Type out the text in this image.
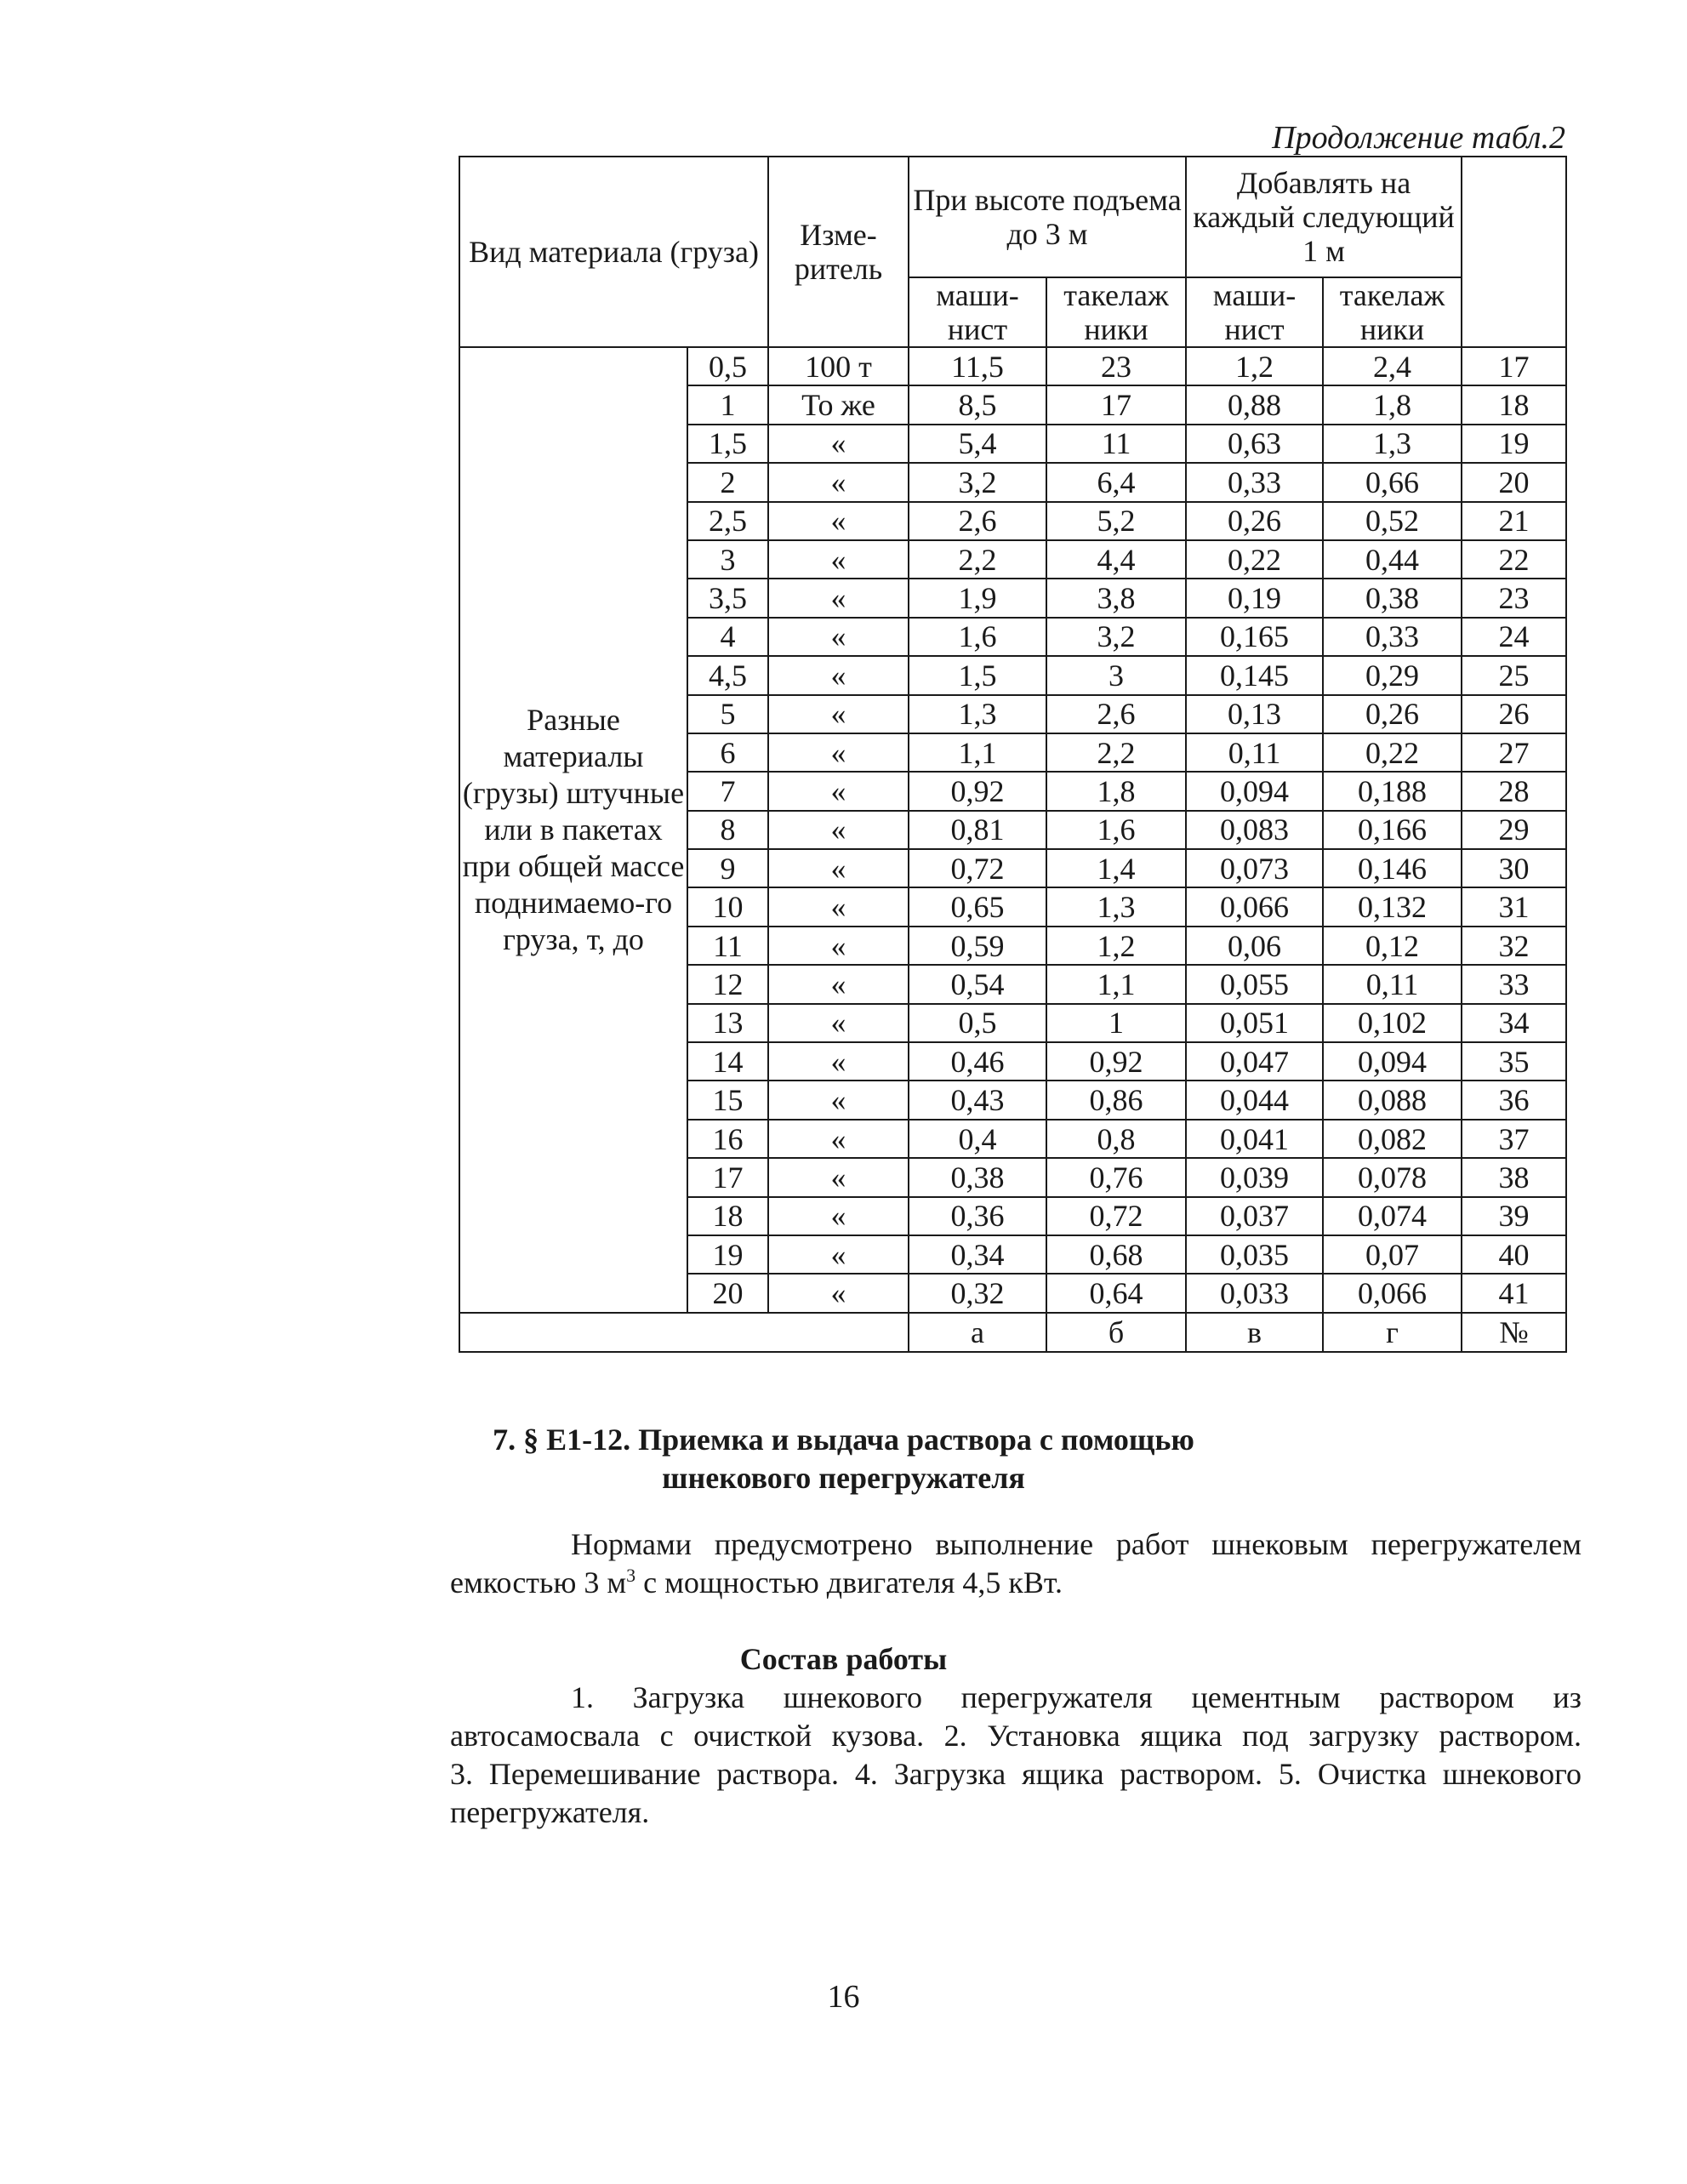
Продолжение табл.2
Вид материала (груза)		Изме-ритель	При высоте подъема до 3 м		Добавлять на каждый следующий 1 м		
			маши-нист	такелаж ники	маши-нист	такелаж ники	
Разные материалы (грузы) штучные или в пакетах при общей массе поднимаемо-го груза, т, до	0,5	100 т	11,5	23	1,2	2,4	17
	1	То же	8,5	17	0,88	1,8	18
	1,5	«	5,4	11	0,63	1,3	19
	2	«	3,2	6,4	0,33	0,66	20
	2,5	«	2,6	5,2	0,26	0,52	21
	3	«	2,2	4,4	0,22	0,44	22
	3,5	«	1,9	3,8	0,19	0,38	23
	4	«	1,6	3,2	0,165	0,33	24
	4,5	«	1,5	3	0,145	0,29	25
	5	«	1,3	2,6	0,13	0,26	26
	6	«	1,1	2,2	0,11	0,22	27
	7	«	0,92	1,8	0,094	0,188	28
	8	«	0,81	1,6	0,083	0,166	29
	9	«	0,72	1,4	0,073	0,146	30
	10	«	0,65	1,3	0,066	0,132	31
	11	«	0,59	1,2	0,06	0,12	32
	12	«	0,54	1,1	0,055	0,11	33
	13	«	0,5	1	0,051	0,102	34
	14	«	0,46	0,92	0,047	0,094	35
	15	«	0,43	0,86	0,044	0,088	36
	16	«	0,4	0,8	0,041	0,082	37
	17	«	0,38	0,76	0,039	0,078	38
	18	«	0,36	0,72	0,037	0,074	39
	19	«	0,34	0,68	0,035	0,07	40
	20	«	0,32	0,64	0,033	0,066	41
			а	б	в	г	№
7. § Е1-12. Приемка и выдача раствора с помощью
шнекового перегружателя
Нормами предусмотрено выполнение работ шнековым перегружателем
емкостью 3 $м^3$ с мощностью двигателя 4,5 кВт.
Состав работы
1. Загрузка шнекового перегружателя цементным раствором из
автосамосвала с очисткой кузова. 2. Установка ящика под загрузку раствором.
3. Перемешивание раствора. 4. Загрузка ящика раствором. 5. Очистка шнекового
перегружателя.
16
